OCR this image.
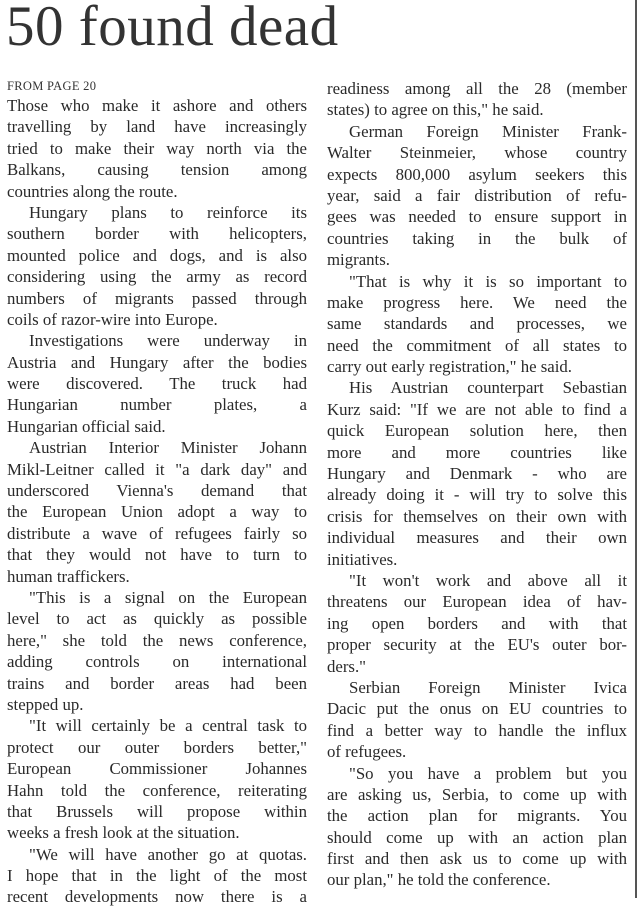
50 found dead
FROM PAGE 20
Those who make it ashore and others
travelling by land have increasingly
tried to make their way north via the
Balkans, causing tension among
countries along the route.
Hungary plans to reinforce its
southern border with helicopters,
mounted police and dogs, and is also
considering using the army as record
numbers of migrants passed through
coils of razor-wire into Europe.
Investigations were underway in
Austria and Hungary after the bodies
were discovered. The truck had
Hungarian number plates, a
Hungarian official said.
Austrian Interior Minister Johann
Mikl-Leitner called it "a dark day" and
underscored Vienna's demand that
the European Union adopt a way to
distribute a wave of refugees fairly so
that they would not have to turn to
human traffickers.
"This is a signal on the European
level to act as quickly as possible
here," she told the news conference,
adding controls on international
trains and border areas had been
stepped up.
"It will certainly be a central task to
protect our outer borders better,"
European Commissioner Johannes
Hahn told the conference, reiterating
that Brussels will propose within
weeks a fresh look at the situation.
"We will have another go at quotas.
I hope that in the light of the most
recent developments now there is a
readiness among all the 28 (member
states) to agree on this," he said.
German Foreign Minister Frank-
Walter Steinmeier, whose country
expects 800,000 asylum seekers this
year, said a fair distribution of refu-
gees was needed to ensure support in
countries taking in the bulk of
migrants.
"That is why it is so important to
make progress here. We need the
same standards and processes, we
need the commitment of all states to
carry out early registration," he said.
His Austrian counterpart Sebastian
Kurz said: "If we are not able to find a
quick European solution here, then
more and more countries like
Hungary and Denmark - who are
already doing it - will try to solve this
crisis for themselves on their own with
individual measures and their own
initiatives.
"It won't work and above all it
threatens our European idea of hav-
ing open borders and with that
proper security at the EU's outer bor-
ders."
Serbian Foreign Minister Ivica
Dacic put the onus on EU countries to
find a better way to handle the influx
of refugees.
"So you have a problem but you
are asking us, Serbia, to come up with
the action plan for migrants. You
should come up with an action plan
first and then ask us to come up with
our plan," he told the conference.
